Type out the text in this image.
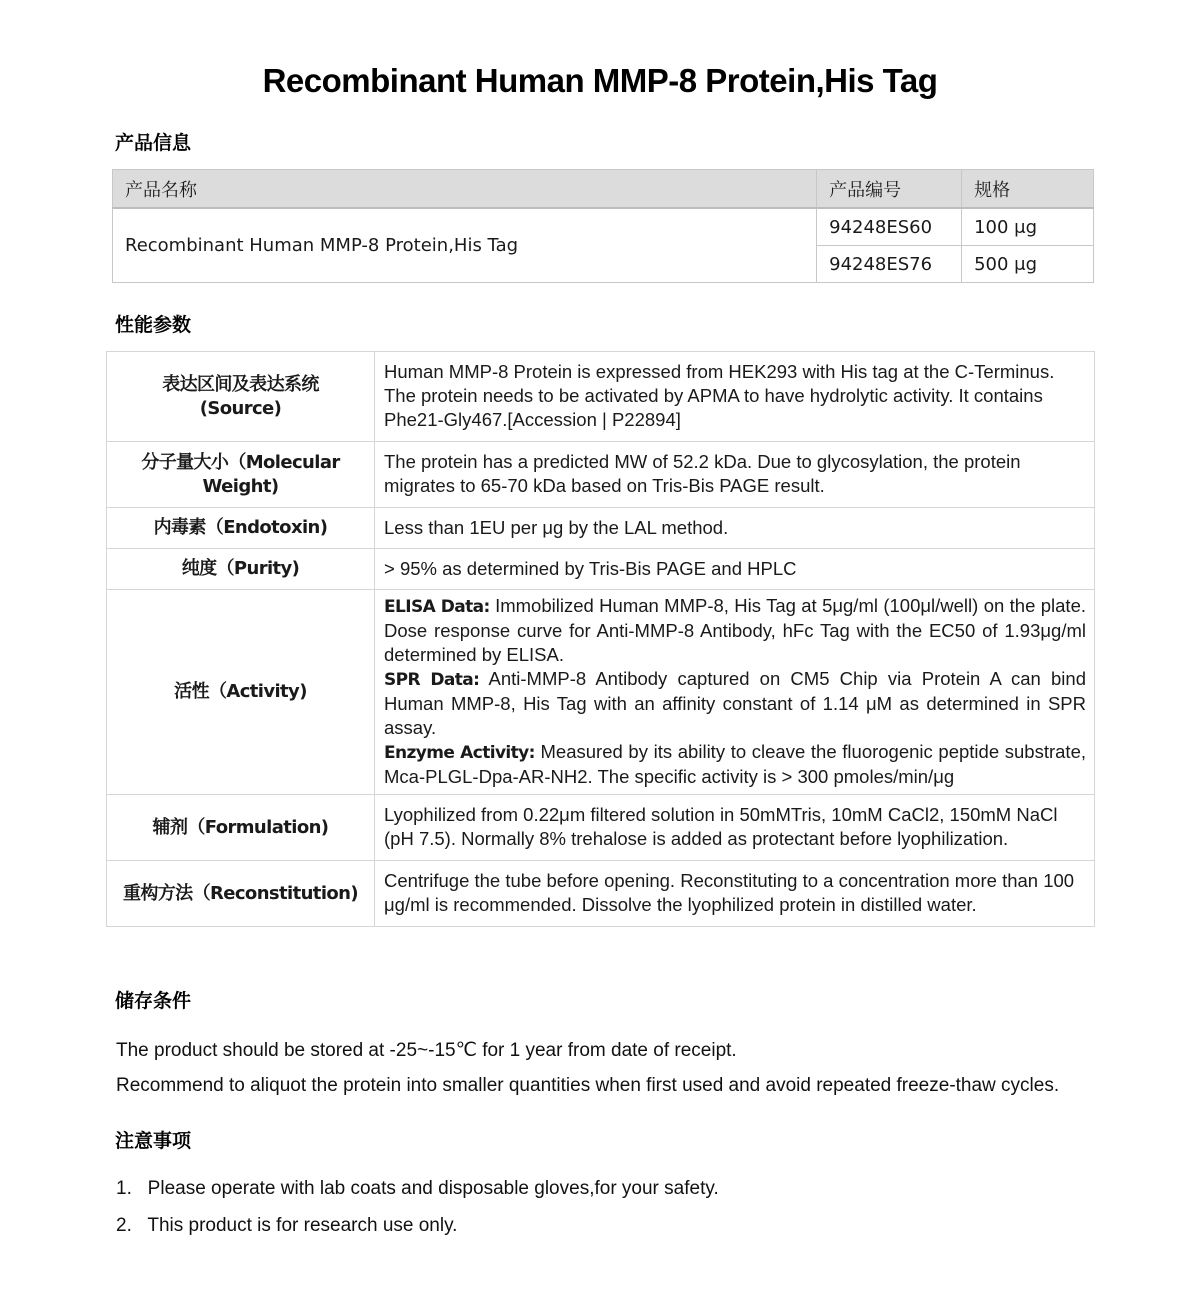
Recombinant Human MMP-8 Protein,His Tag
产品信息
产品名称	产品编号	规格
Recombinant Human MMP-8 Protein,His Tag	94248ES60	100 μg
	94248ES76	500 μg
性能参数
表达区间及表达系统
(Source)	Human MMP-8 Protein is expressed from HEK293 with His tag at the C-Terminus. The protein needs to be activated by APMA to have hydrolytic activity. It contains Phe21-Gly467.[Accession | P22894]
分子量大小（Molecular Weight)	The protein has a predicted MW of 52.2 kDa. Due to glycosylation, the protein migrates to 65-70 kDa based on Tris-Bis PAGE result.
内毒素（Endotoxin)	Less than 1EU per μg by the LAL method.
纯度（Purity)	> 95% as determined by Tris-Bis PAGE and HPLC
活性（Activity)	ELISA Data: Immobilized Human MMP-8, His Tag at 5μg/ml (100μl/well) on the plate. Dose response curve for Anti-MMP-8 Antibody, hFc Tag with the EC50 of 1.93μg/ml determined by ELISA.
SPR Data: Anti-MMP-8 Antibody captured on CM5 Chip via Protein A can bind Human MMP-8, His Tag with an affinity constant of 1.14 μM as determined in SPR assay.
Enzyme Activity: Measured by its ability to cleave the fluorogenic peptide substrate, Mca-PLGL-Dpa-AR-NH2. The specific activity is > 300 pmoles/min/μg
辅剂（Formulation)	Lyophilized from 0.22μm filtered solution in 50mMTris, 10mM CaCl2, 150mM NaCl (pH 7.5). Normally 8% trehalose is added as protectant before lyophilization.
重构方法（Reconstitution)	Centrifuge the tube before opening. Reconstituting to a concentration more than 100 μg/ml is recommended. Dissolve the lyophilized protein in distilled water.
储存条件

The product should be stored at -25~-15℃ for 1 year from date of receipt.

Recommend to aliquot the protein into smaller quantities when first used and avoid repeated freeze-thaw cycles.

注意事项

1.   Please operate with lab coats and disposable gloves,for your safety.

2.   This product is for research use only.
